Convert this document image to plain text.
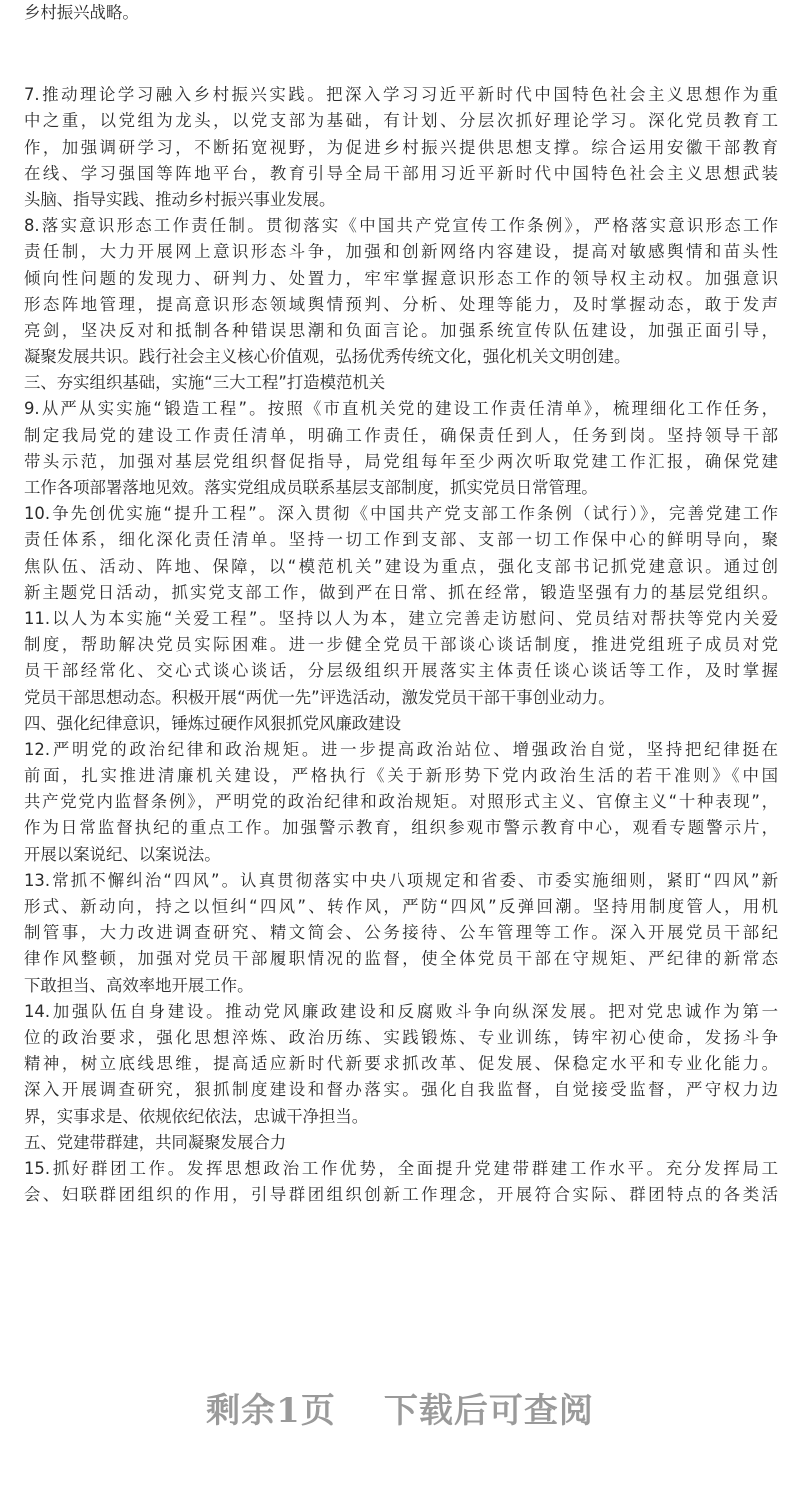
乡村振兴战略。
7.推动理论学习融入乡村振兴实践。把深入学习习近平新时代中国特色社会主义思想作为重
中之重，以党组为龙头，以党支部为基础，有计划、分层次抓好理论学习。深化党员教育工
作，加强调研学习，不断拓宽视野，为促进乡村振兴提供思想支撑。综合运用安徽干部教育
在线、学习强国等阵地平台，教育引导全局干部用习近平新时代中国特色社会主义思想武装
头脑、指导实践、推动乡村振兴事业发展。
8.落实意识形态工作责任制。贯彻落实《中国共产党宣传工作条例》，严格落实意识形态工作
责任制，大力开展网上意识形态斗争，加强和创新网络内容建设，提高对敏感舆情和苗头性
倾向性问题的发现力、研判力、处置力，牢牢掌握意识形态工作的领导权主动权。加强意识
形态阵地管理，提高意识形态领域舆情预判、分析、处理等能力，及时掌握动态，敢于发声
亮剑，坚决反对和抵制各种错误思潮和负面言论。加强系统宣传队伍建设，加强正面引导，
凝聚发展共识。践行社会主义核心价值观，弘扬优秀传统文化，强化机关文明创建。
三、夯实组织基础，实施“三大工程”打造模范机关
9.从严从实实施“锻造工程”。按照《市直机关党的建设工作责任清单》，梳理细化工作任务，
制定我局党的建设工作责任清单，明确工作责任，确保责任到人，任务到岗。坚持领导干部
带头示范，加强对基层党组织督促指导，局党组每年至少两次听取党建工作汇报，确保党建
工作各项部署落地见效。落实党组成员联系基层支部制度，抓实党员日常管理。
10.争先创优实施“提升工程”。深入贯彻《中国共产党支部工作条例（试行）》，完善党建工作
责任体系，细化深化责任清单。坚持一切工作到支部、支部一切工作保中心的鲜明导向，聚
焦队伍、活动、阵地、保障，以“模范机关”建设为重点，强化支部书记抓党建意识。通过创
新主题党日活动，抓实党支部工作，做到严在日常、抓在经常，锻造坚强有力的基层党组织。
11.以人为本实施“关爱工程”。坚持以人为本，建立完善走访慰问、党员结对帮扶等党内关爱
制度，帮助解决党员实际困难。进一步健全党员干部谈心谈话制度，推进党组班子成员对党
员干部经常化、交心式谈心谈话，分层级组织开展落实主体责任谈心谈话等工作，及时掌握
党员干部思想动态。积极开展“两优一先”评选活动，激发党员干部干事创业动力。
四、强化纪律意识，锤炼过硬作风狠抓党风廉政建设
12.严明党的政治纪律和政治规矩。进一步提高政治站位、增强政治自觉，坚持把纪律挺在
前面，扎实推进清廉机关建设，严格执行《关于新形势下党内政治生活的若干准则》《中国
共产党党内监督条例》，严明党的政治纪律和政治规矩。对照形式主义、官僚主义“十种表现”，
作为日常监督执纪的重点工作。加强警示教育，组织参观市警示教育中心，观看专题警示片，
开展以案说纪、以案说法。
13.常抓不懈纠治“四风”。认真贯彻落实中央八项规定和省委、市委实施细则，紧盯“四风”新
形式、新动向，持之以恒纠“四风”、转作风，严防“四风”反弹回潮。坚持用制度管人，用机
制管事，大力改进调查研究、精文简会、公务接待、公车管理等工作。深入开展党员干部纪
律作风整顿，加强对党员干部履职情况的监督，使全体党员干部在守规矩、严纪律的新常态
下敢担当、高效率地开展工作。
14.加强队伍自身建设。推动党风廉政建设和反腐败斗争向纵深发展。把对党忠诚作为第一
位的政治要求，强化思想淬炼、政治历练、实践锻炼、专业训练，铸牢初心使命，发扬斗争
精神，树立底线思维，提高适应新时代新要求抓改革、促发展、保稳定水平和专业化能力。
深入开展调查研究，狠抓制度建设和督办落实。强化自我监督，自觉接受监督，严守权力边
界，实事求是、依规依纪依法，忠诚干净担当。
五、党建带群建，共同凝聚发展合力
15.抓好群团工作。发挥思想政治工作优势，全面提升党建带群建工作水平。充分发挥局工
会、妇联群团组织的作用，引导群团组织创新工作理念，开展符合实际、群团特点的各类活
剩余1页 下载后可查阅
